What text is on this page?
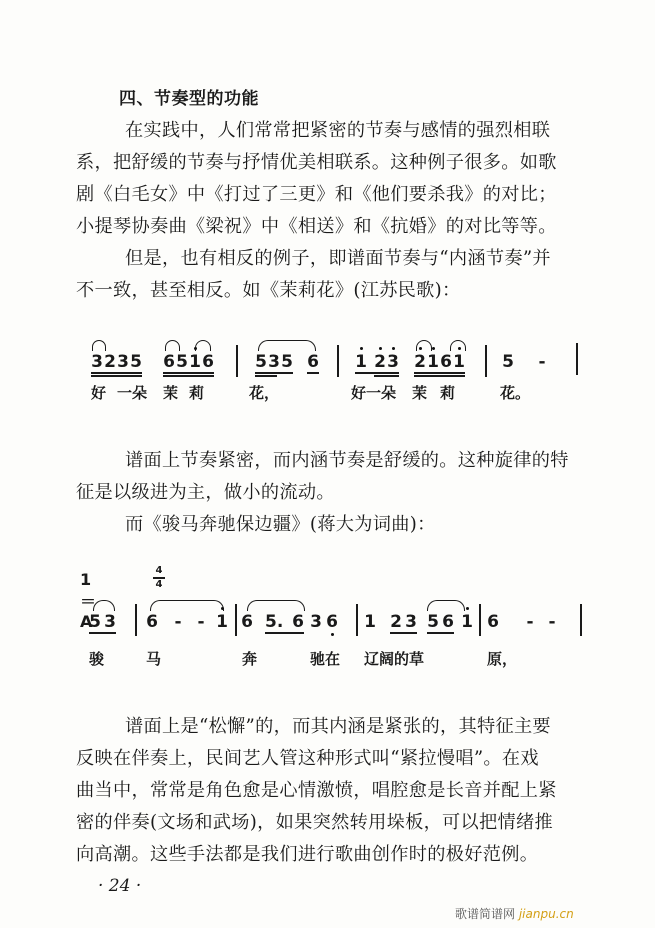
四、节奏型的功能
在实践中，人们常常把紧密的节奏与感情的强烈相联
系，把舒缓的节奏与抒情优美相联系。这种例子很多。如歌
剧《白毛女》中《打过了三更》和《他们要杀我》的对比；
小提琴协奏曲《梁祝》中《相送》和《抗婚》的对比等等。
但是，也有相反的例子，即谱面节奏与“内涵节奏”并
不一致，甚至相反。如《茉莉花》(江苏民歌)：
3 2 3 5 6 5 1 6 5 3 5 6 1 2 3 2 1 6 1 5 -
好 一朵 茉 莉	花，	好一朵 茉 莉	花。
谱面上节奏紧密，而内涵节奏是舒缓的。这种旋律的特
征是以级进为主，做小的流动。
而《骏马奔驰保边疆》(蒋大为词曲)：
1＝A
4
4
5 3 6 - - 1 6 5. 6 3 6 1 2 3 5 6 1 6 - -
骏	马	奔	驰在 辽阔的草	原，
谱面上是“松懈”的，而其内涵是紧张的，其特征主要
反映在伴奏上，民间艺人管这种形式叫“紧拉慢唱”。在戏
曲当中，常常是角色愈是心情激愤，唱腔愈是长音并配上紧
密的伴奏(文场和武场)，如果突然转用垛板，可以把情绪推
向高潮。这些手法都是我们进行歌曲创作时的极好范例。
· 24 ·
歌谱简谱网 jianpu.cn
